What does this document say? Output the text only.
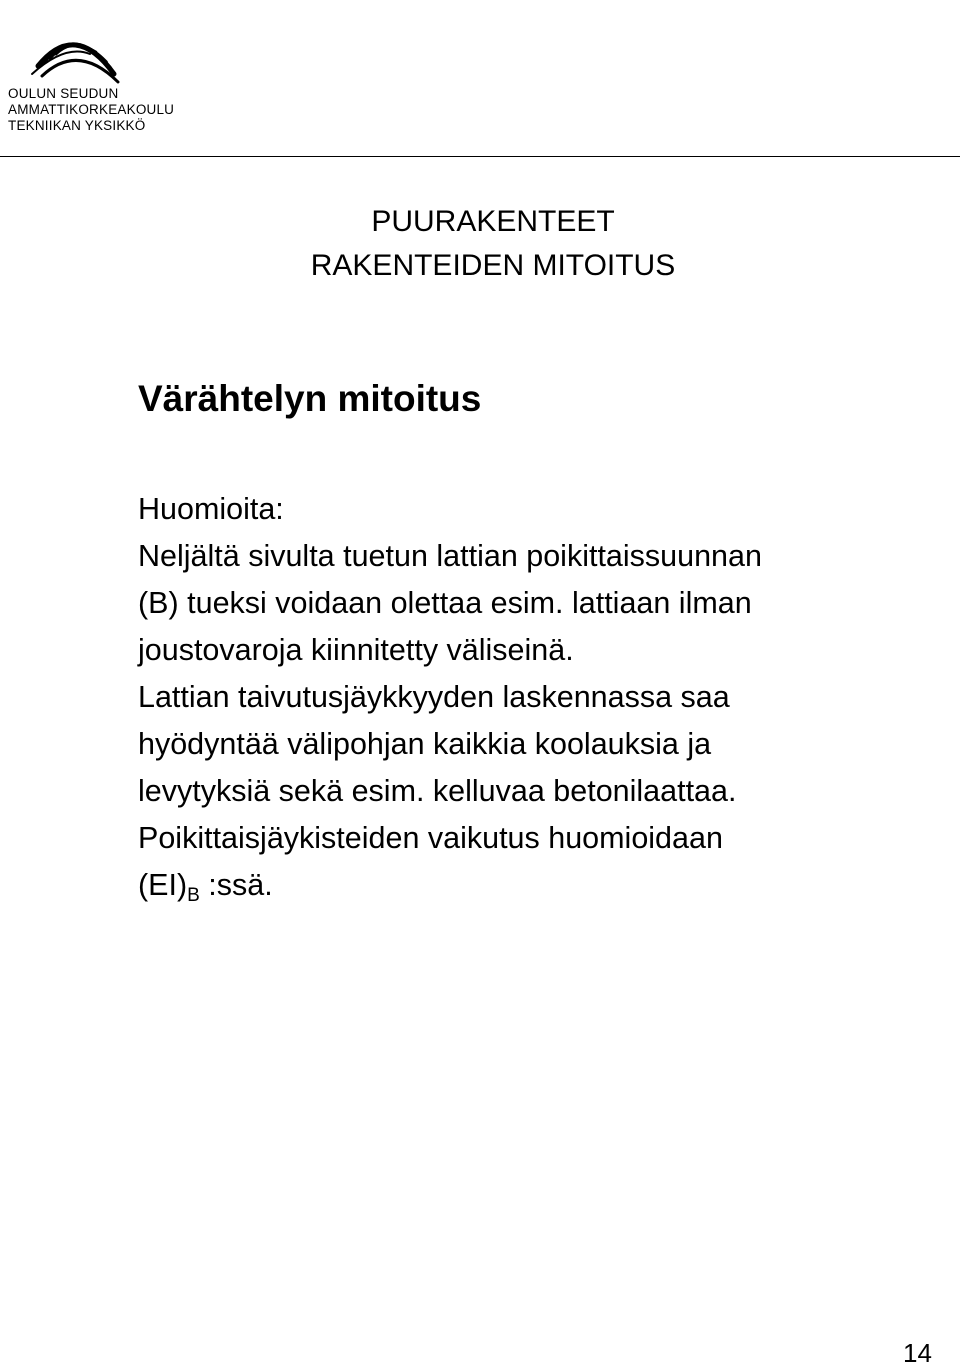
OULUN SEUDUN
AMMATTIKORKEAKOULU
TEKNIIKAN YKSIKKÖ
PUURAKENTEET
RAKENTEIDEN MITOITUS
Värähtelyn mitoitus

Huomioita:

Neljältä sivulta tuetun lattian poikittaissuunnan

(B) tueksi voidaan olettaa esim. lattiaan ilman

joustovaroja kiinnitetty väliseinä.

Lattian taivutusjäykkyyden laskennassa saa

hyödyntää välipohjan kaikkia koolauksia ja

levytyksiä sekä esim. kelluvaa betonilaattaa.

Poikittaisjäykisteiden vaikutus huomioidaan

$(EI)_B$ :ssä.

14
